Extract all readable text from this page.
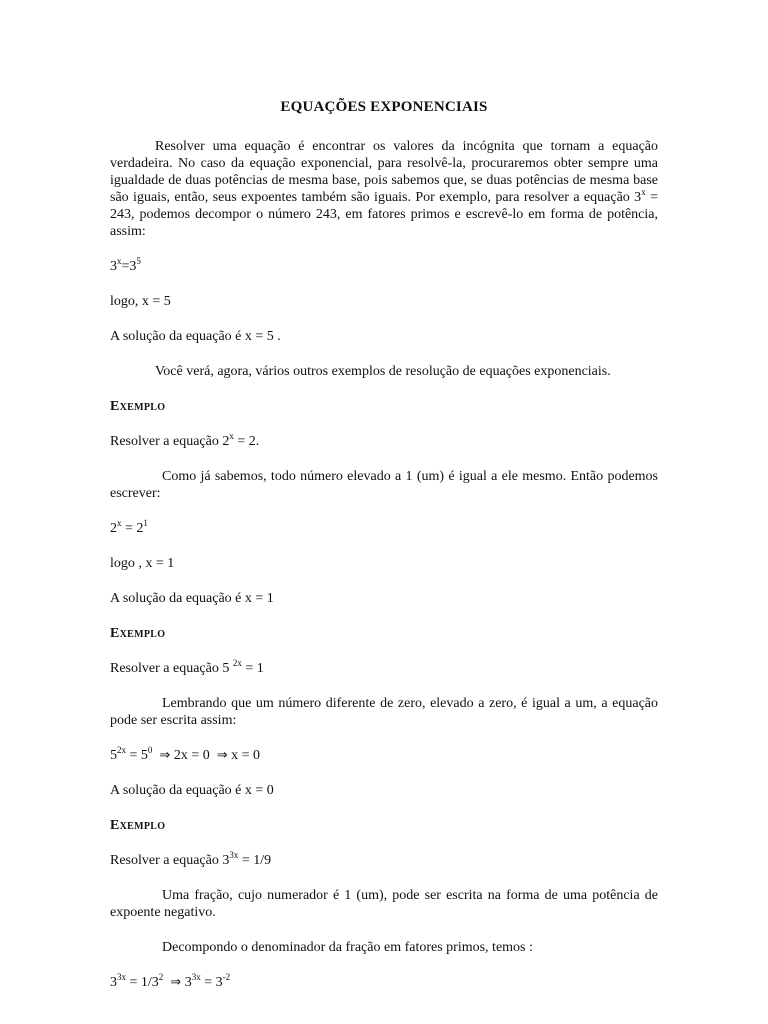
EQUAÇÕES EXPONENCIAIS

Resolver uma equação é encontrar os valores da incógnita que tornam a equação verdadeira. No caso da equação exponencial, para resolvê-la, procuraremos obter sempre uma igualdade de duas potências de mesma base, pois sabemos que, se duas potências de mesma base são iguais, então, seus expoentes também são iguais. Por exemplo, para resolver a equação $3^x = 243$, podemos decompor o número 243, em fatores primos e escrevê-lo em forma de potência, assim:

$3^x=3^5$

logo, x = 5

A solução da equação é x = 5 .

Você verá, agora, vários outros exemplos de resolução de equações exponenciais.

Exemplo

Resolver a equação $2^x = 2$.

Como já sabemos, todo número elevado a 1 (um) é igual a ele mesmo. Então podemos escrever:

$2^x = 2^1$

logo , x = 1

A solução da equação é x = 1

Exemplo

Resolver a equação 5 $^{2x}$ = 1

Lembrando que um número diferente de zero, elevado a zero, é igual a um, a equação pode ser escrita assim:

$5^{2x} = 5^0$ ⇒ 2x = 0  ⇒ x = 0

A solução da equação é x = 0

Exemplo

Resolver a equação $3^{3x} = 1/9$

Uma fração, cujo numerador é 1 (um), pode ser escrita na forma de uma potência de expoente negativo.

Decompondo o denominador da fração em fatores primos, temos :

$3^{3x} = 1/3^2$ ⇒ $3^{3x} = 3^{-2}$
